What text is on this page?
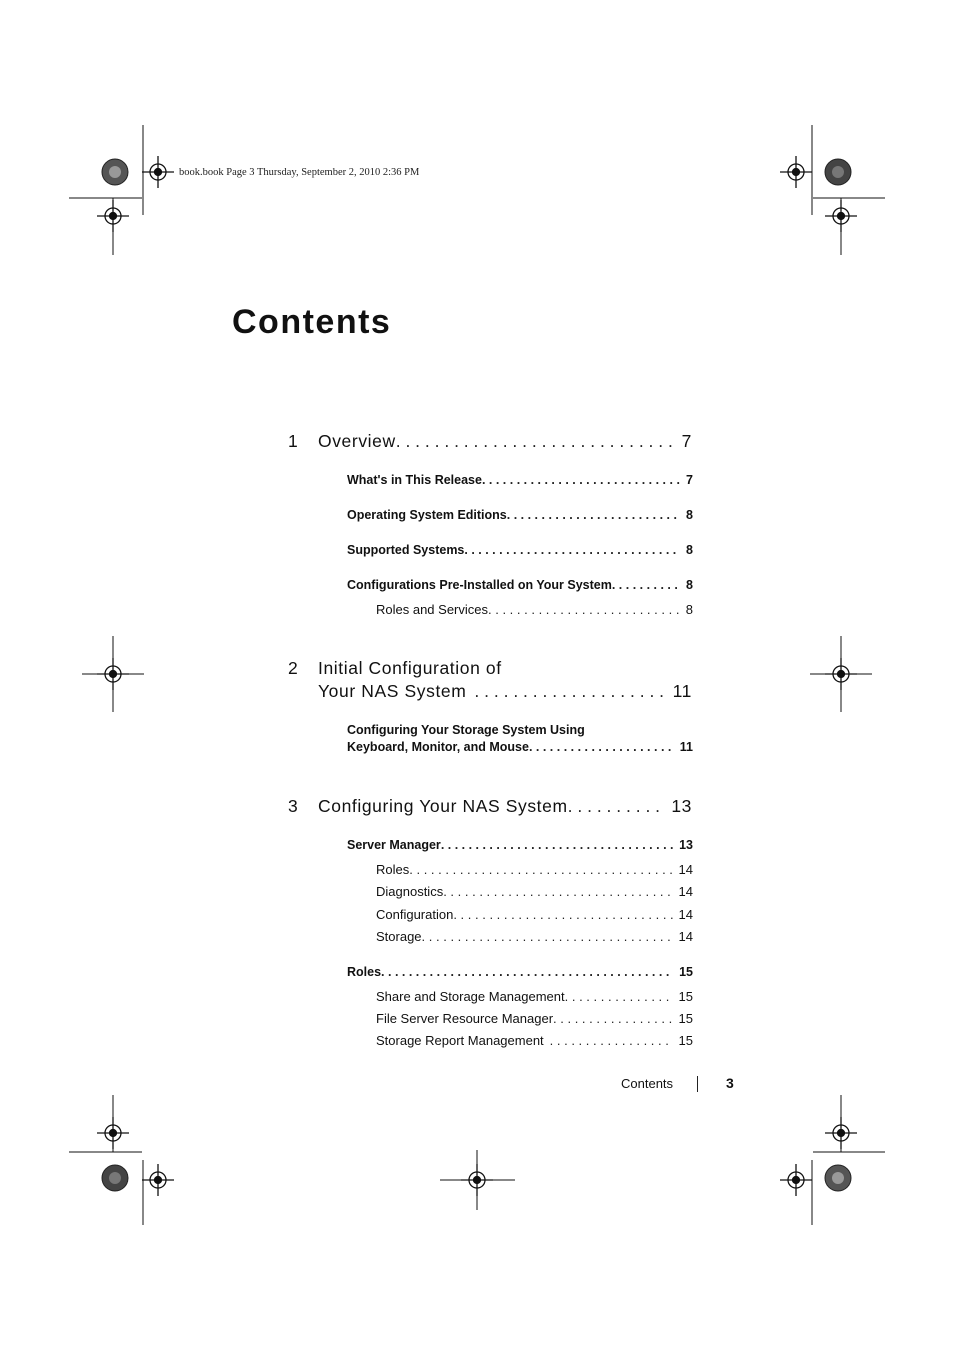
book.book Page 3 Thursday, September 2, 2010 2:36 PM
Contents
1 Overview . . .	7
What's in This Release . . .	7
Operating System Editions . . .	8
Supported Systems . . .	8
Configurations Pre-Installed on Your System . . .	8
Roles and Services . . .	8
2 Initial Configuration of
Your NAS System . . .	11
Configuring Your Storage System Using
Keyboard, Monitor, and Mouse . . .	11
3 Configuring Your NAS System . . .	13
Server Manager . . .	13
Roles . . .	14
Diagnostics . . .	14
Configuration . . .	14
Storage . . .	14
Roles . . .	15
Share and Storage Management . . .	15
File Server Resource Manager . . .	15
Storage Report Management . . .	15
Contents	3
